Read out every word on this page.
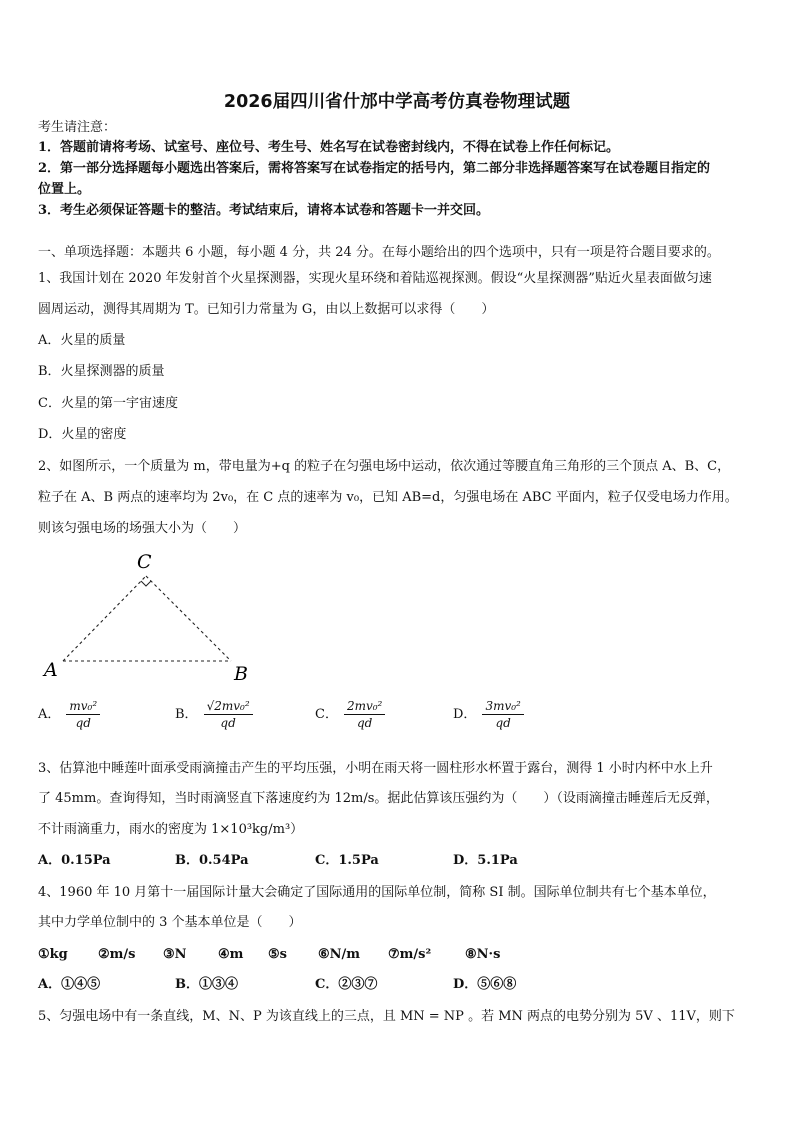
2026届四川省什邡中学高考仿真卷物理试题
考生请注意：
1．答题前请将考场、试室号、座位号、考生号、姓名写在试卷密封线内，不得在试卷上作任何标记。
2．第一部分选择题每小题选出答案后，需将答案写在试卷指定的括号内，第二部分非选择题答案写在试卷题目指定的
位置上。
3．考生必须保证答题卡的整洁。考试结束后，请将本试卷和答题卡一并交回。
一、单项选择题：本题共 6 小题，每小题 4 分，共 24 分。在每小题给出的四个选项中，只有一项是符合题目要求的。
1、我国计划在 2020 年发射首个火星探测器，实现火星环绕和着陆巡视探测。假设“火星探测器”贴近火星表面做匀速
圆周运动，测得其周期为 T。已知引力常量为 G，由以上数据可以求得（　　）
A．火星的质量
B．火星探测器的质量
C．火星的第一宇宙速度
D．火星的密度
2、如图所示，一个质量为 m，带电量为+q 的粒子在匀强电场中运动，依次通过等腰直角三角形的三个顶点 A、B、C，
粒子在 A、B 两点的速率均为 2v₀，在 C 点的速率为 v₀，已知 AB=d，匀强电场在 ABC 平面内，粒子仅受电场力作用。
则该匀强电场的场强大小为（　　）
C
A	B
A． $\frac{\text{mv₀²}}{qd}$	B． $\frac{\text{√2mv₀²}}{qd}$	C． $\frac{\text{2mv₀²}}{qd}$	D． $\frac{\text{3mv₀²}}{qd}$
3、估算池中睡莲叶面承受雨滴撞击产生的平均压强，小明在雨天将一圆柱形水杯置于露台，测得 1 小时内杯中水上升
了 45mm。查询得知，当时雨滴竖直下落速度约为 12m/s。据此估算该压强约为（　　）（设雨滴撞击睡莲后无反弹，
不计雨滴重力，雨水的密度为 1×10³kg/m³）
A．0.15Pa	B．0.54Pa	C．1.5Pa	D．5.1Pa
4、1960 年 10 月第十一届国际计量大会确定了国际通用的国际单位制，简称 SI 制。国际单位制共有七个基本单位，
其中力学单位制中的 3 个基本单位是（　　）
①kg ②m/s ③N ④m ⑤s ⑥N/m ⑦m/s²	⑧N·s
A．①④⑤	B．①③④	C．②③⑦	D．⑤⑥⑧
5、匀强电场中有一条直线，M、N、P 为该直线上的三点，且 MN = NP 。若 MN 两点的电势分别为 5V 、11V，则下
